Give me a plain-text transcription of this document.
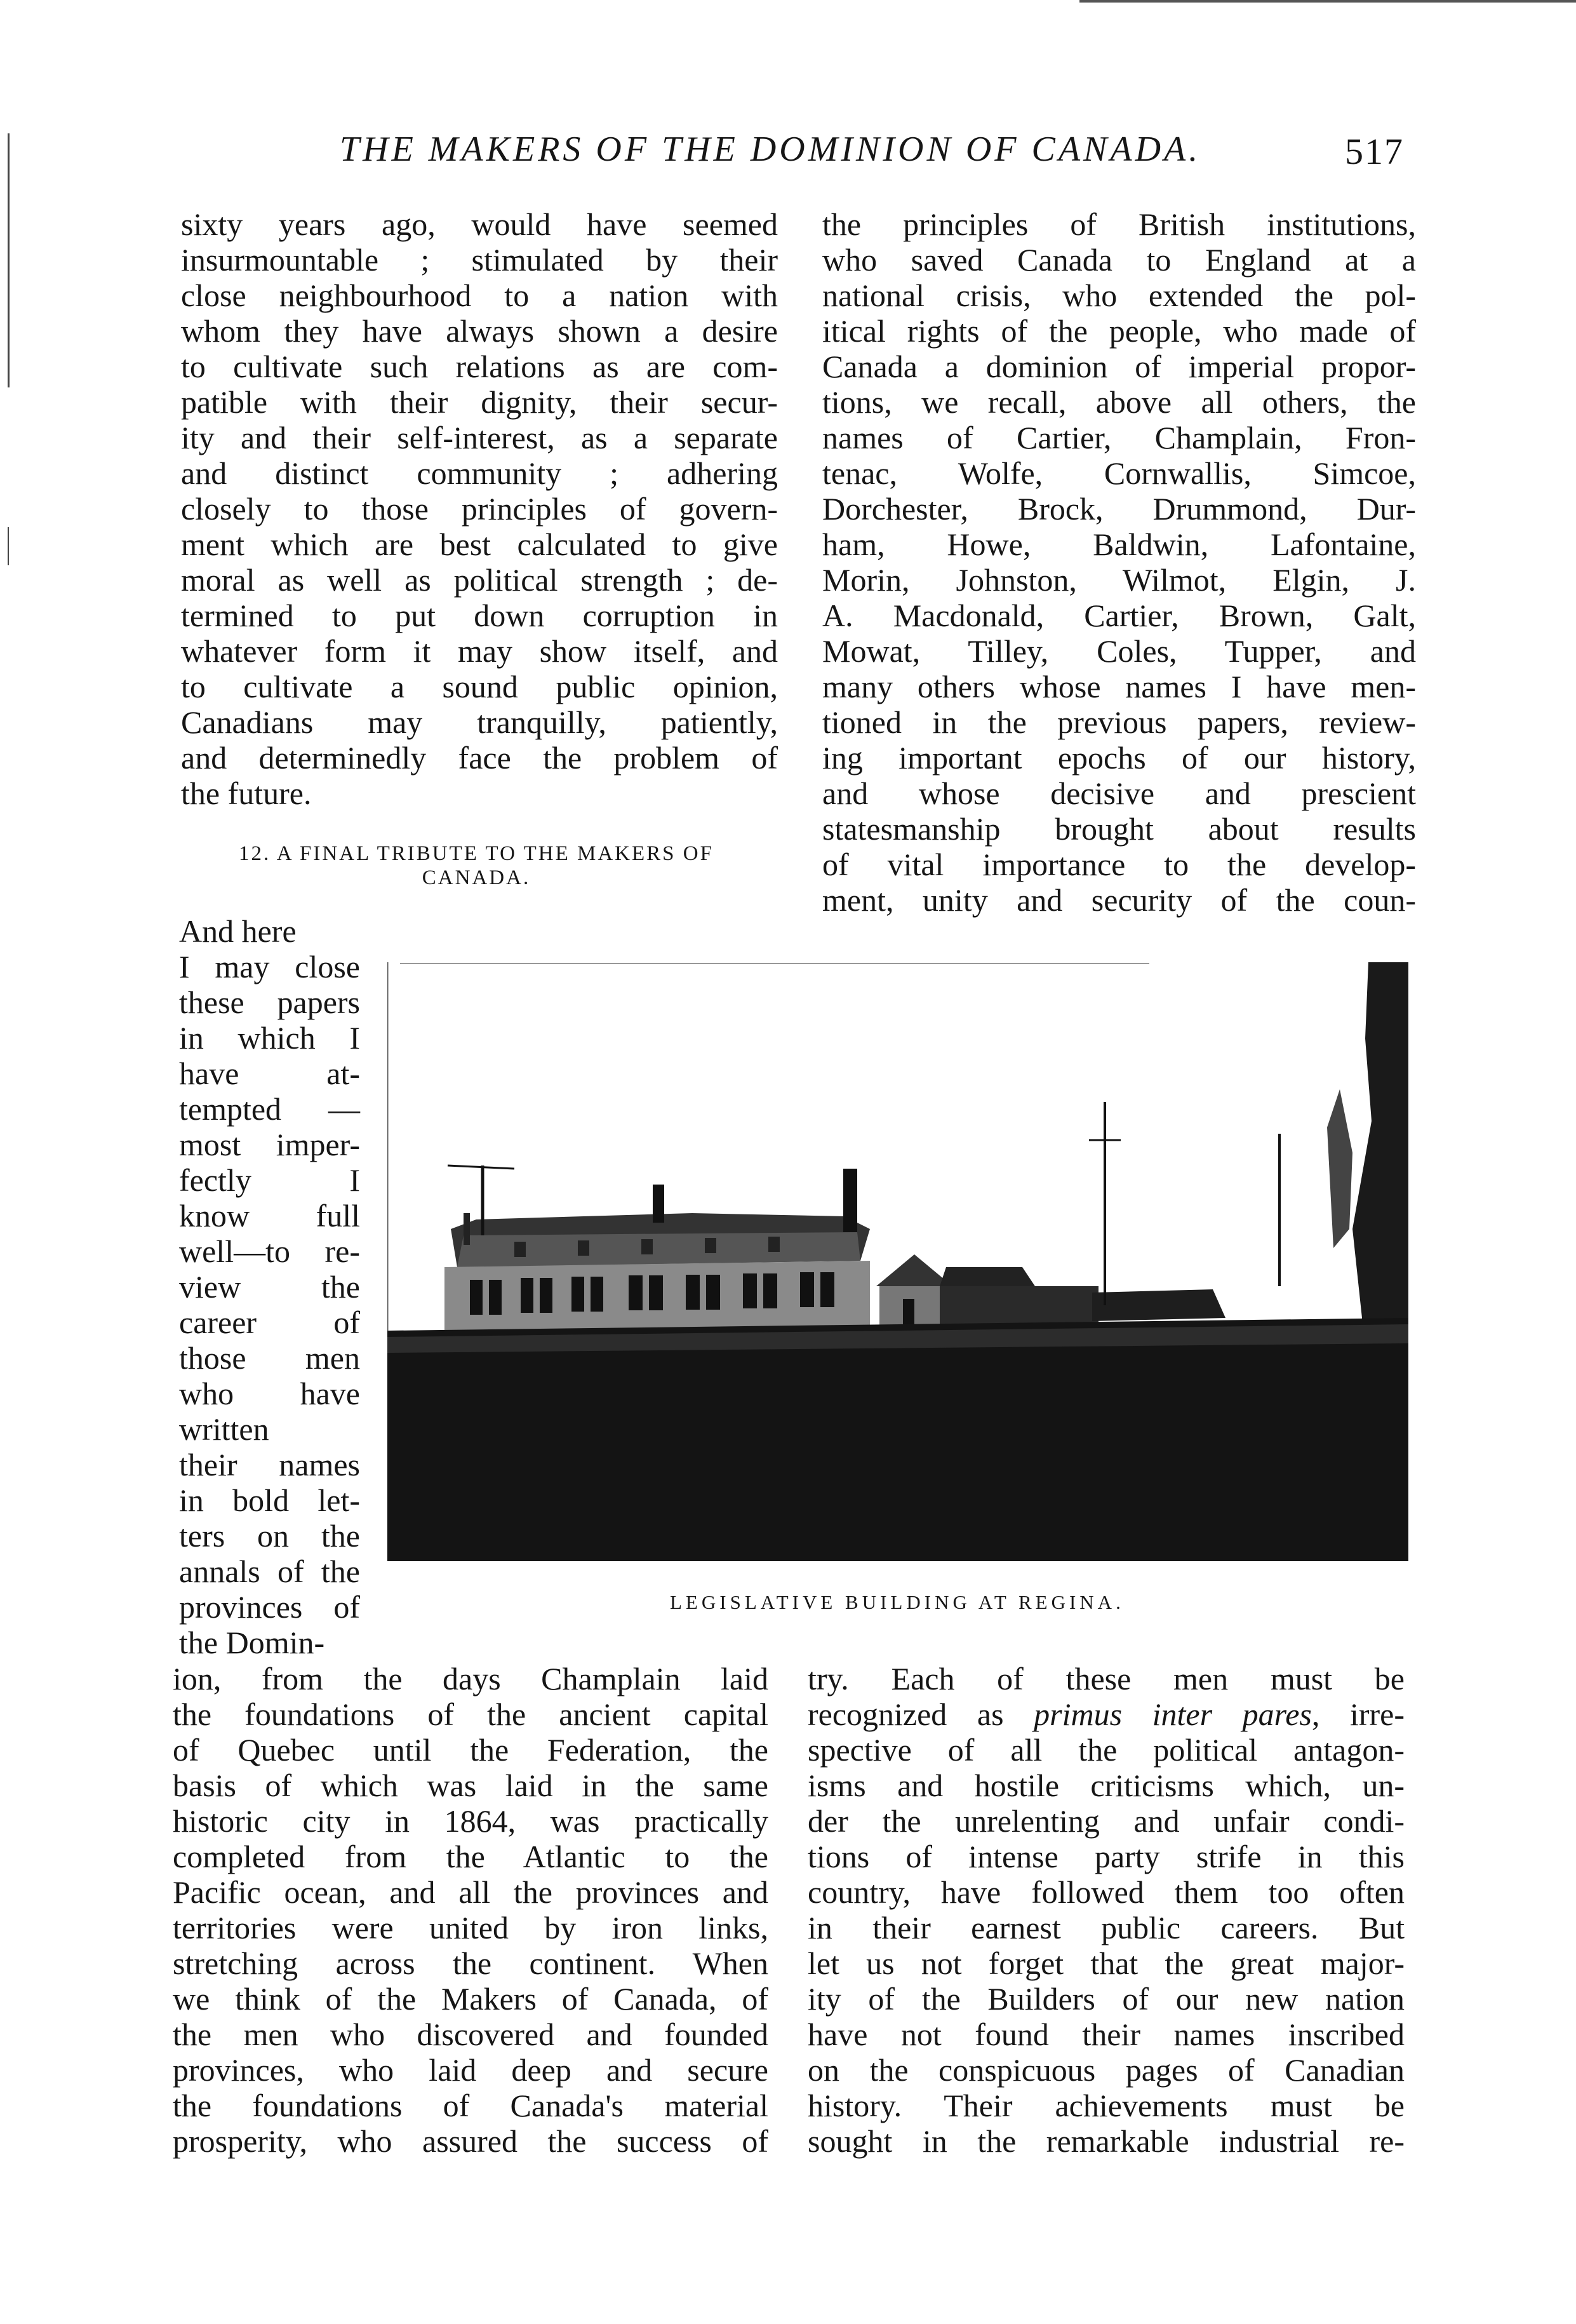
THE MAKERS OF THE DOMINION OF CANADA.	517
sixty years ago, would have seemed
insurmountable ; stimulated by their
close neighbourhood to a nation with
whom they have always shown a desire
to cultivate such relations as are com-
patible with their dignity, their secur-
ity and their self-interest, as a separate
and distinct community ; adhering
closely to those principles of govern-
ment which are best calculated to give
moral as well as political strength ; de-
termined to put down corruption in
whatever form it may show itself, and
to cultivate a sound public opinion,
Canadians may tranquilly, patiently,
and determinedly face the problem of
the future.
12. A FINAL TRIBUTE TO THE MAKERS OF
CANADA.
And here
I may close
these papers
in which I
have at-
tempted —
most imper-
fectly I
know full
well—to re-
view the
career of
those men
who have
written
their names
in bold let-
ters on the
annals of the
provinces of
the Domin-
ion, from the days Champlain laid
the foundations of the ancient capital
of Quebec until the Federation, the
basis of which was laid in the same
historic city in 1864, was practically
completed from the Atlantic to the
Pacific ocean, and all the provinces and
territories were united by iron links,
stretching across the continent. When
we think of the Makers of Canada, of
the men who discovered and founded
provinces, who laid deep and secure
the foundations of Canada's material
prosperity, who assured the success of
the principles of British institutions,
who saved Canada to England at a
national crisis, who extended the pol-
itical rights of the people, who made of
Canada a dominion of imperial propor-
tions, we recall, above all others, the
names of Cartier, Champlain, Fron-
tenac, Wolfe, Cornwallis, Simcoe,
Dorchester, Brock, Drummond, Dur-
ham, Howe, Baldwin, Lafontaine,
Morin, Johnston, Wilmot, Elgin, J.
A. Macdonald, Cartier, Brown, Galt,
Mowat, Tilley, Coles, Tupper, and
many others whose names I have men-
tioned in the previous papers, review-
ing important epochs of our history,
and whose decisive and prescient
statesmanship brought about results
of vital importance to the develop-
ment, unity and security of the coun-
try. Each of these men must be
recognized as primus inter pares, irre-
spective of all the political antagon-
isms and hostile criticisms which, un-
der the unrelenting and unfair condi-
tions of intense party strife in this
country, have followed them too often
in their earnest public careers. But
let us not forget that the great major-
ity of the Builders of our new nation
have not found their names inscribed
on the conspicuous pages of Canadian
history. Their achievements must be
sought in the remarkable industrial re-
LEGISLATIVE BUILDING AT REGINA.
